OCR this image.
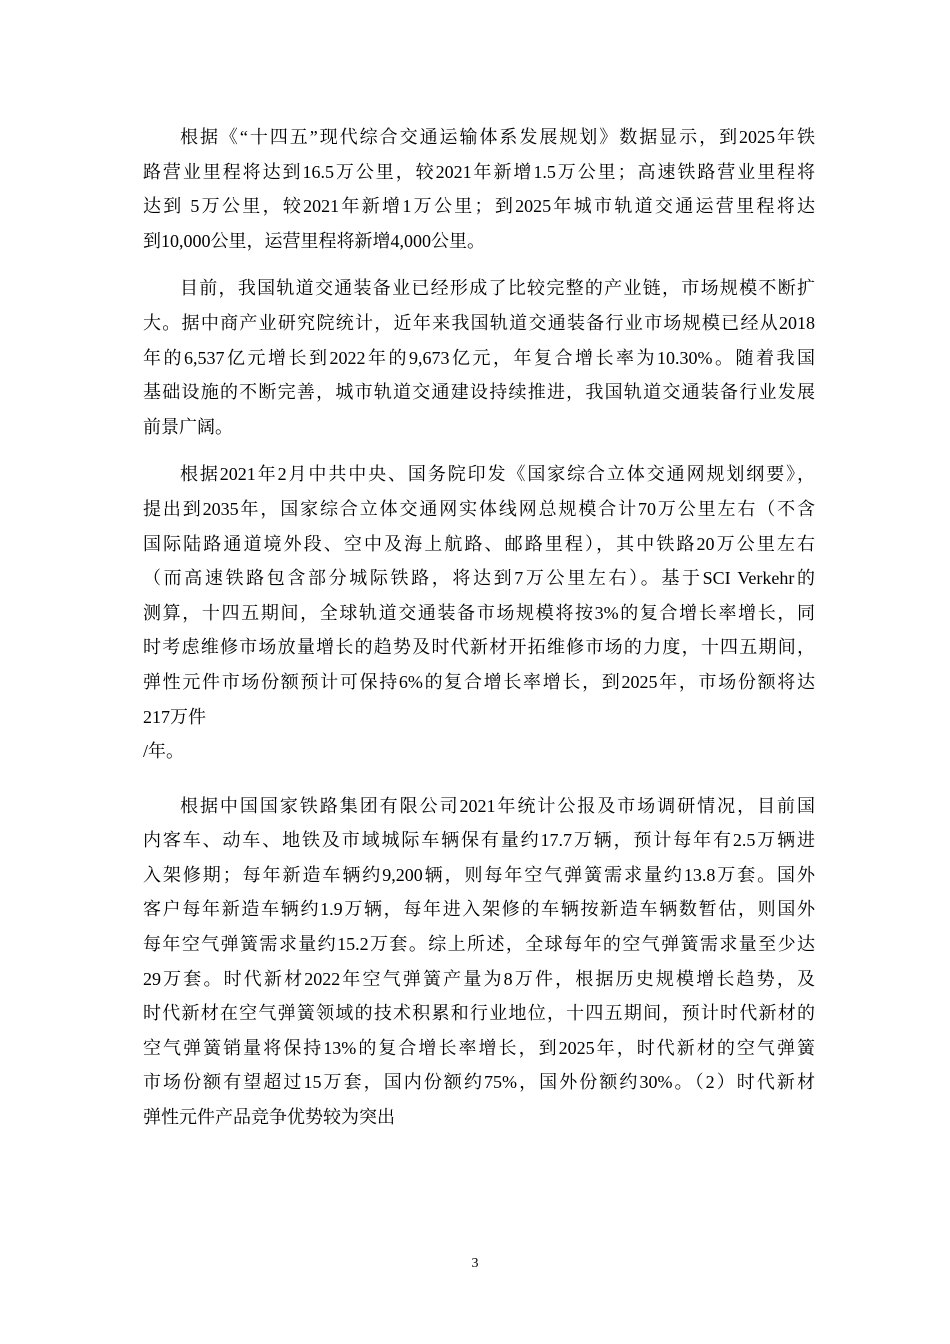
根据《“十四五”现代综合交通运输体系发展规划》数据显示，到2025年铁
路营业里程将达到16.5万公里，较2021年新增1.5万公里；高速铁路营业里程将
达到 5万公里，较2021年新增1万公里；到2025年城市轨道交通运营里程将达
到10,000公里，运营里程将新增4,000公里。
目前，我国轨道交通装备业已经形成了比较完整的产业链，市场规模不断扩
大。据中商产业研究院统计，近年来我国轨道交通装备行业市场规模已经从2018
年的6,537亿元增长到2022年的9,673亿元，年复合增长率为10.30%。随着我国
基础设施的不断完善，城市轨道交通建设持续推进，我国轨道交通装备行业发展
前景广阔。
根据2021年2月中共中央、国务院印发《国家综合立体交通网规划纲要》，
提出到2035年，国家综合立体交通网实体线网总规模合计70万公里左右（不含
国际陆路通道境外段、空中及海上航路、邮路里程），其中铁路20万公里左右
（而高速铁路包含部分城际铁路，将达到7万公里左右）。基于SCI Verkehr的
测算，十四五期间，全球轨道交通装备市场规模将按3%的复合增长率增长，同
时考虑维修市场放量增长的趋势及时代新材开拓维修市场的力度，十四五期间，
弹性元件市场份额预计可保持6%的复合增长率增长，到2025年，市场份额将达
217万件
/年。
根据中国国家铁路集团有限公司2021年统计公报及市场调研情况，目前国
内客车、动车、地铁及市域城际车辆保有量约17.7万辆，预计每年有2.5万辆进
入架修期；每年新造车辆约9,200辆，则每年空气弹簧需求量约13.8万套。国外
客户每年新造车辆约1.9万辆，每年进入架修的车辆按新造车辆数暂估，则国外
每年空气弹簧需求量约15.2万套。综上所述，全球每年的空气弹簧需求量至少达
29万套。时代新材2022年空气弹簧产量为8万件，根据历史规模增长趋势，及
时代新材在空气弹簧领域的技术积累和行业地位，十四五期间，预计时代新材的
空气弹簧销量将保持13%的复合增长率增长，到2025年，时代新材的空气弹簧
市场份额有望超过15万套，国内份额约75%，国外份额约30%。（2）时代新材
弹性元件产品竞争优势较为突出
3
